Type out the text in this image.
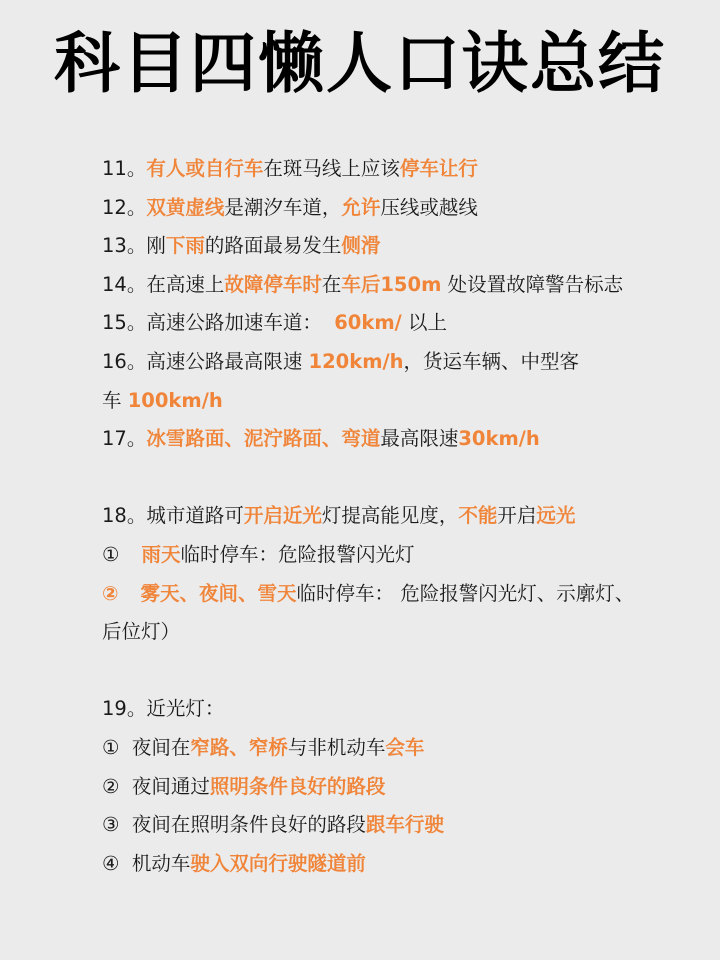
科目四懒人口诀总结
11。有人或自行车在斑马线上应该停车让行
12。双黄虚线是潮汐车道，允许压线或越线
13。刚下雨的路面最易发生侧滑
14。在高速上故障停车时在车后150m 处设置故障警告标志
15。高速公路加速车道：  60km/ 以上
16。高速公路最高限速 120km/h，货运车辆、中型客
车 100km/h
17。冰雪路面、泥泞路面、弯道最高限速30km/h
18。城市道路可开启近光灯提高能见度，不能开启远光
① 雨天临时停车：危险报警闪光灯
② 雾天、夜间、雪天临时停车： 危险报警闪光灯、示廓灯、
后位灯）
19。近光灯：
①  夜间在窄路、窄桥与非机动车会车
②  夜间通过照明条件良好的路段
③  夜间在照明条件良好的路段跟车行驶
④  机动车驶入双向行驶隧道前
